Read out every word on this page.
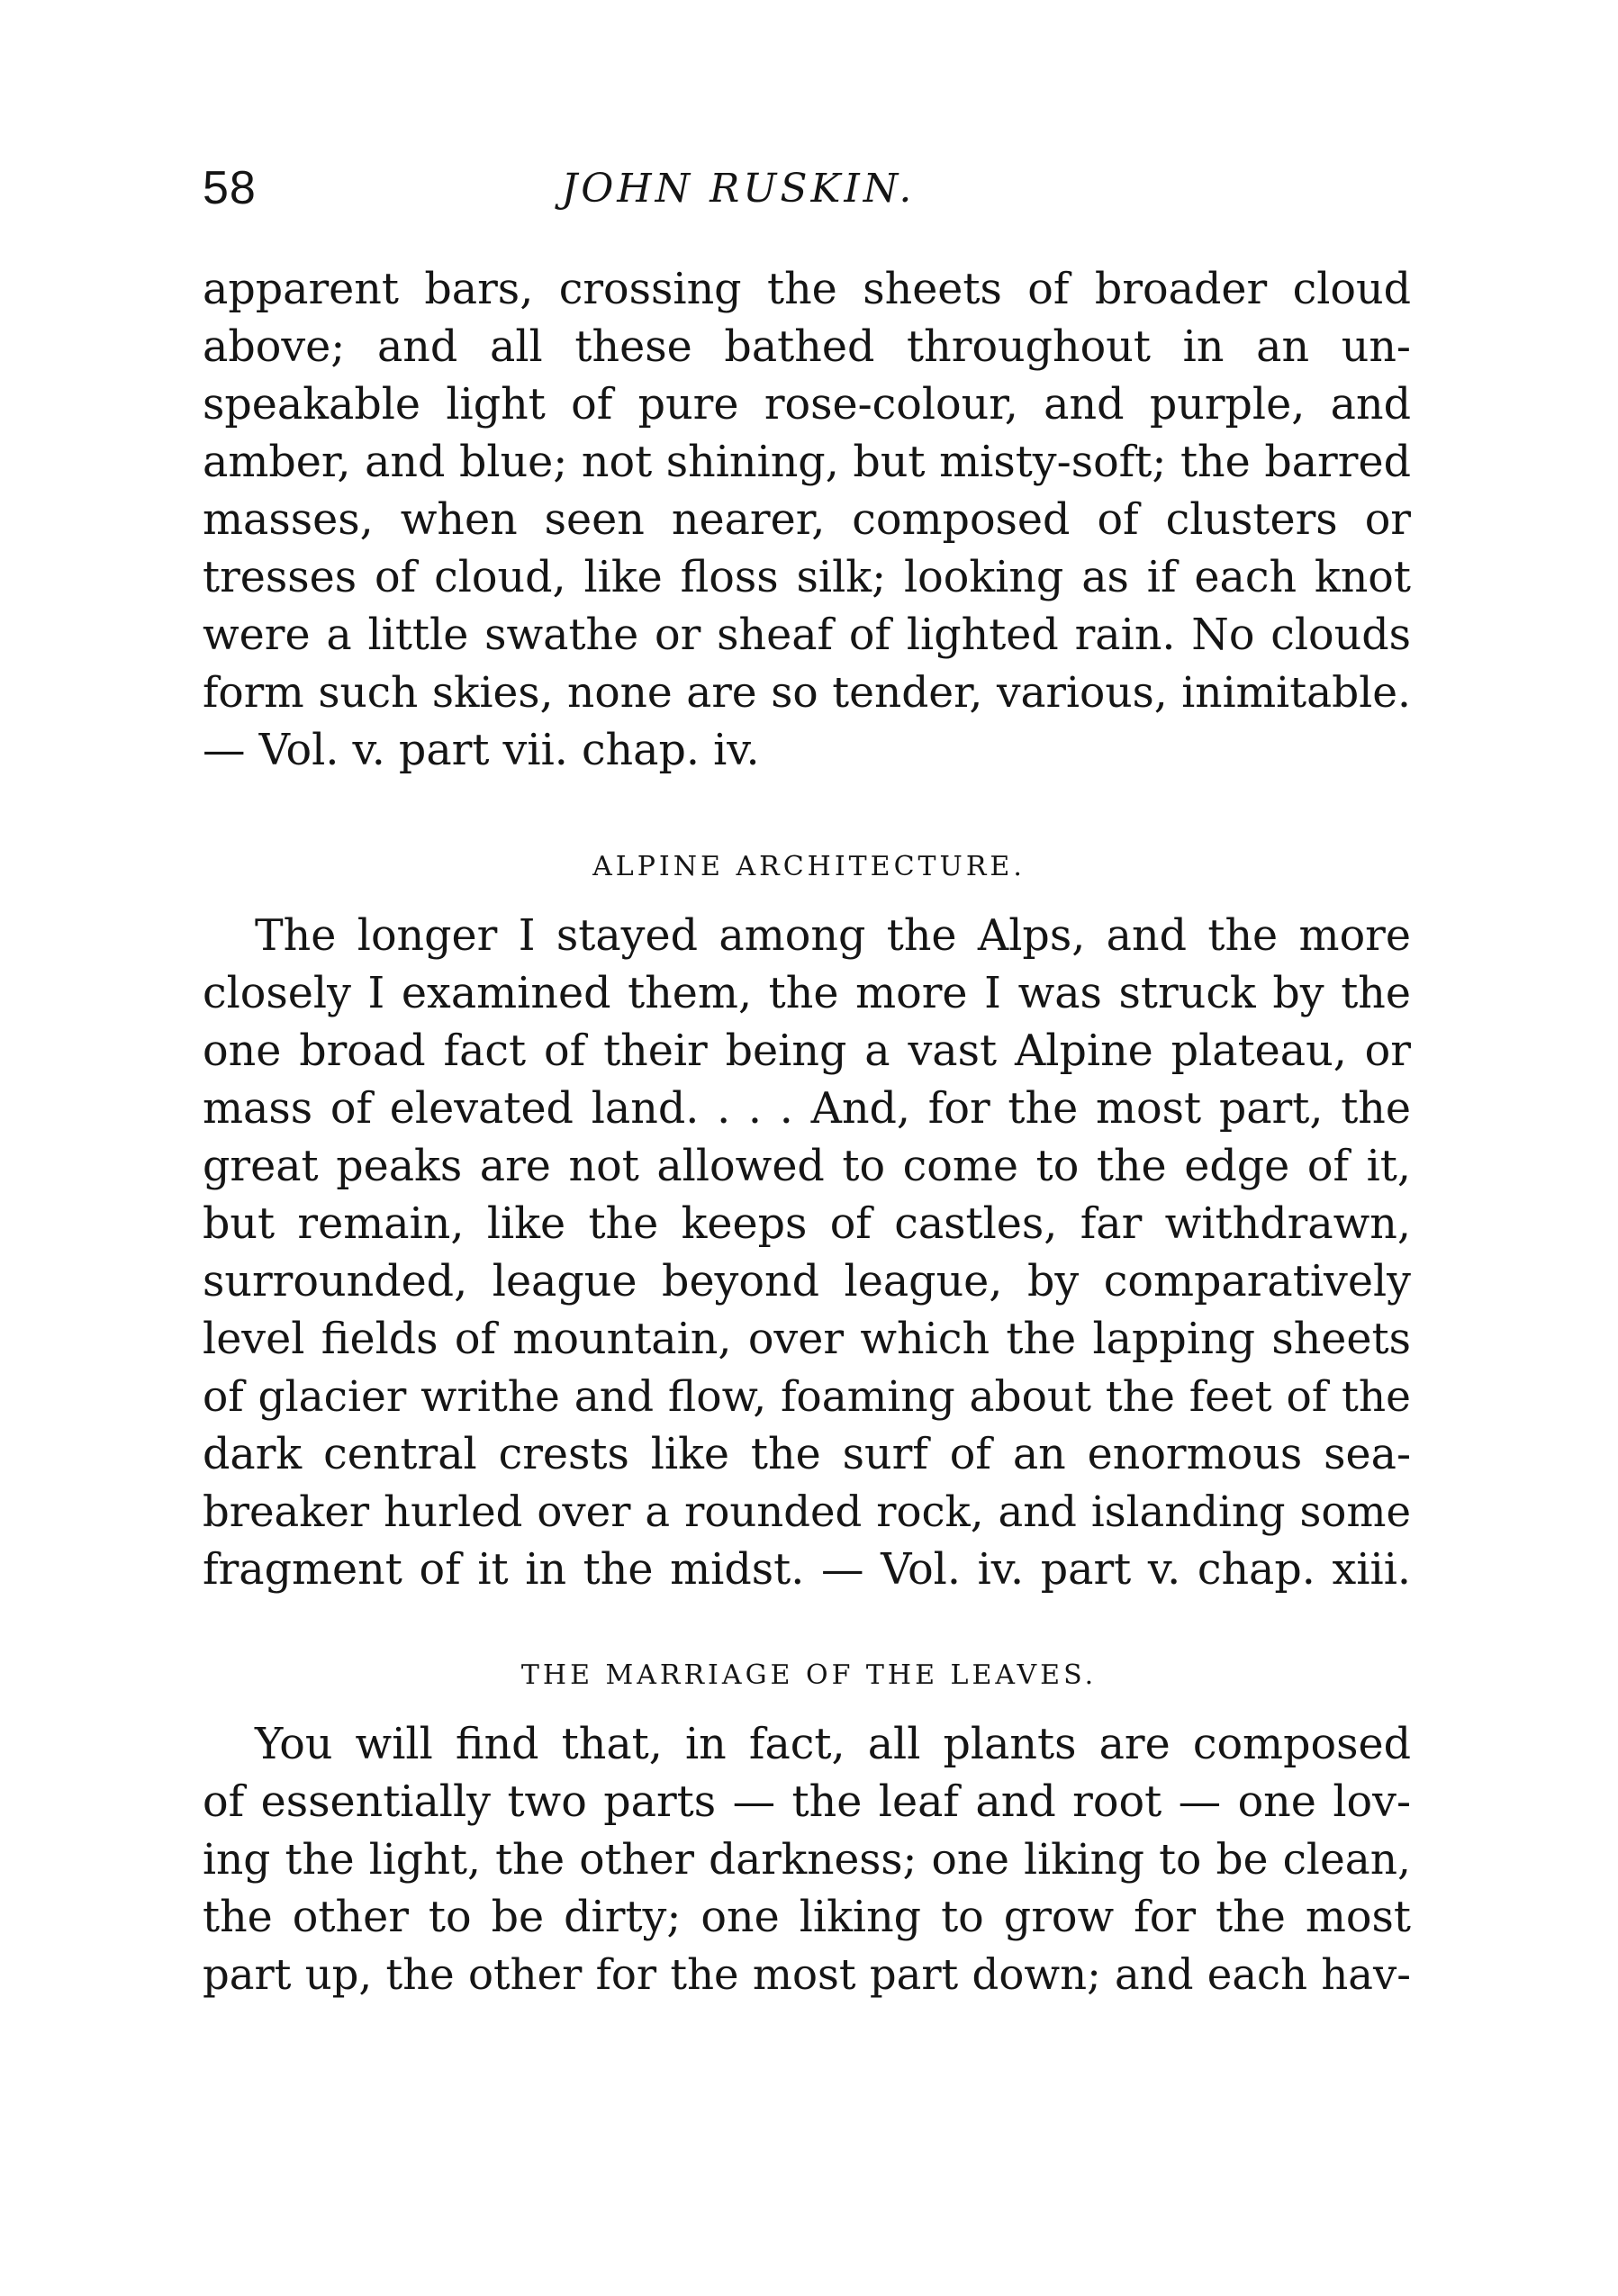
58	JOHN RUSKIN.
apparent bars, crossing the sheets of broader cloud
above; and all these bathed throughout in an un-
speakable light of pure rose-colour, and purple, and
amber, and blue; not shining, but misty-soft; the barred
masses, when seen nearer, composed of clusters or
tresses of cloud, like floss silk; looking as if each knot
were a little swathe or sheaf of lighted rain. No clouds
form such skies, none are so tender, various, inimitable.
— Vol. v. part vii. chap. iv.
ALPINE ARCHITECTURE.
The longer I stayed among the Alps, and the more
closely I examined them, the more I was struck by the
one broad fact of their being a vast Alpine plateau, or
mass of elevated land. . . . And, for the most part, the
great peaks are not allowed to come to the edge of it,
but remain, like the keeps of castles, far withdrawn,
surrounded, league beyond league, by comparatively
level fields of mountain, over which the lapping sheets
of glacier writhe and flow, foaming about the feet of the
dark central crests like the surf of an enormous sea-
breaker hurled over a rounded rock, and islanding some
fragment of it in the midst. — Vol. iv. part v. chap. xiii.
THE MARRIAGE OF THE LEAVES.
You will find that, in fact, all plants are composed
of essentially two parts — the leaf and root — one lov-
ing the light, the other darkness; one liking to be clean,
the other to be dirty; one liking to grow for the most
part up, the other for the most part down; and each hav-
